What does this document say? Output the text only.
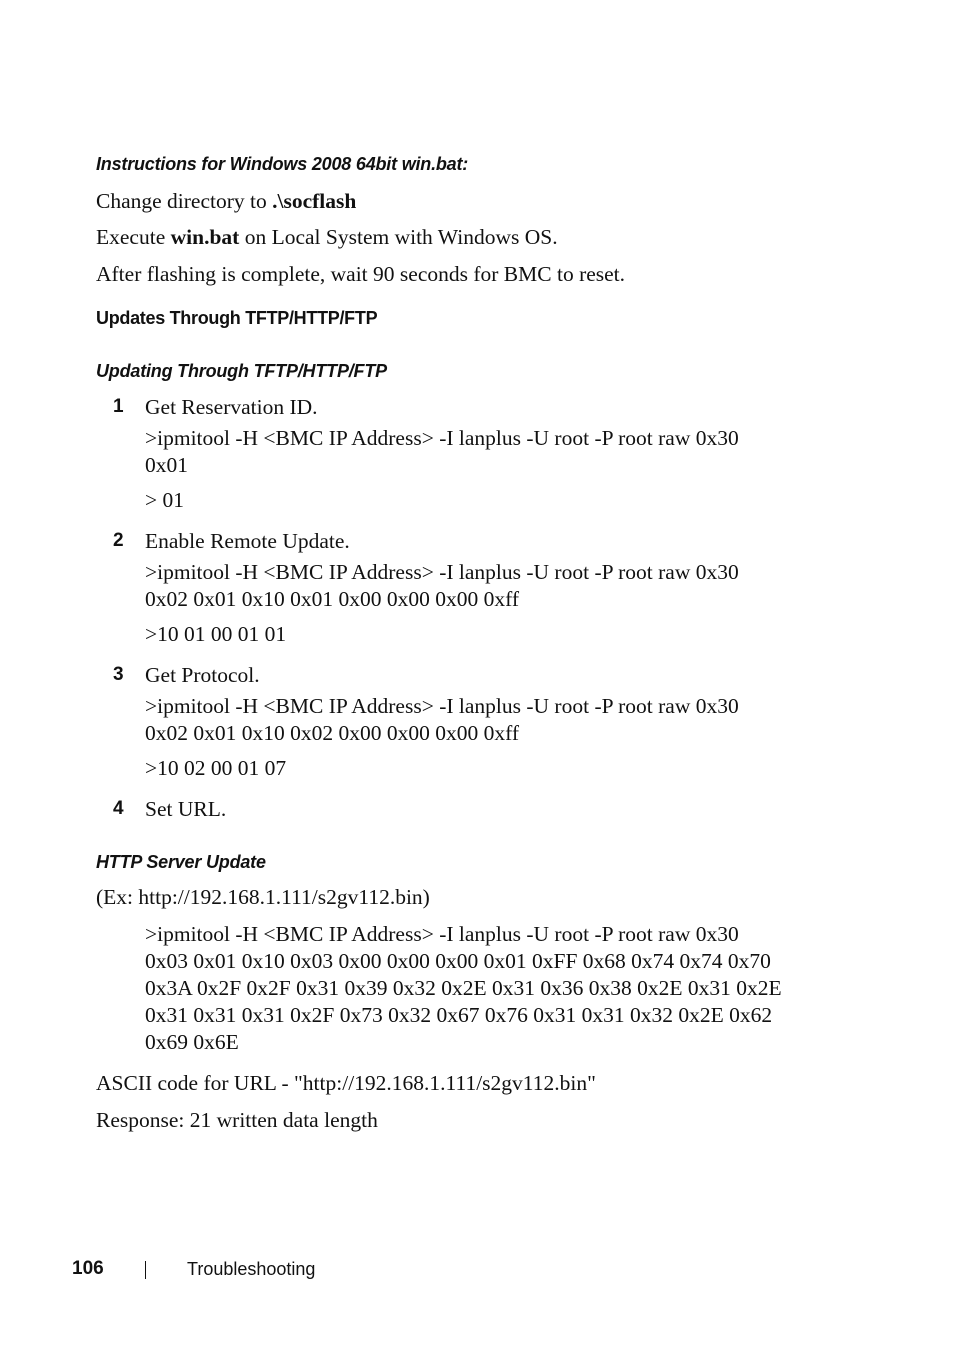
Instructions for Windows 2008 64bit win.bat:
Change directory to .\socflash
Execute win.bat on Local System with Windows OS.
After flashing is complete, wait 90 seconds for BMC to reset.
Updates Through TFTP/HTTP/FTP
Updating Through TFTP/HTTP/FTP
1 Get Reservation ID.
>ipmitool -H <BMC IP Address> -I lanplus -U root -P root raw 0x30
0x01
> 01
2 Enable Remote Update.
>ipmitool -H <BMC IP Address> -I lanplus -U root -P root raw 0x30
0x02 0x01 0x10 0x01 0x00 0x00 0x00 0xff
>10 01 00 01 01
3 Get Protocol.
>ipmitool -H <BMC IP Address> -I lanplus -U root -P root raw 0x30
0x02 0x01 0x10 0x02 0x00 0x00 0x00 0xff
>10 02 00 01 07
4 Set URL.
HTTP Server Update
(Ex: http://192.168.1.111/s2gv112.bin)
>ipmitool -H <BMC IP Address> -I lanplus -U root -P root raw 0x30
0x03 0x01 0x10 0x03 0x00 0x00 0x00 0x01 0xFF 0x68 0x74 0x74 0x70
0x3A 0x2F 0x2F 0x31 0x39 0x32 0x2E 0x31 0x36 0x38 0x2E 0x31 0x2E
0x31 0x31 0x31 0x2F 0x73 0x32 0x67 0x76 0x31 0x31 0x32 0x2E 0x62
0x69 0x6E
ASCII code for URL - "http://192.168.1.111/s2gv112.bin"
Response: 21 written data length
106	Troubleshooting
